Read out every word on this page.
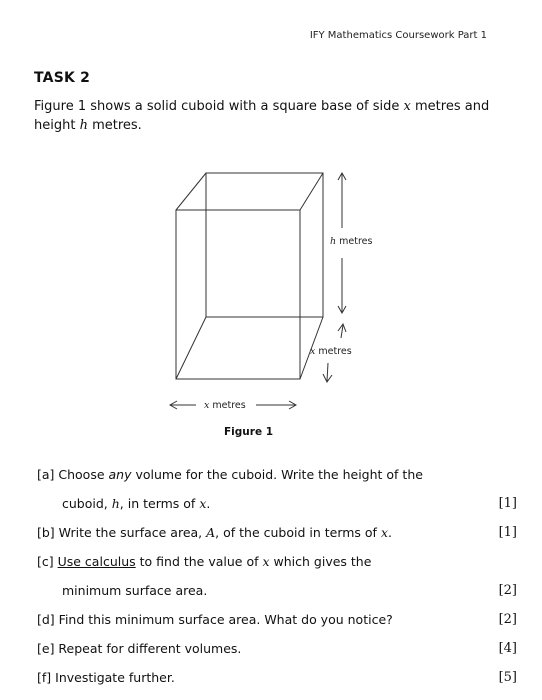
IFY Mathematics Coursework Part 1
TASK 2
Figure 1 shows a solid cuboid with a square base of side x metres and
height h metres.
h metres
x metres
x metres
Figure 1
[a] Choose any volume for the cuboid. Write the height of the
cuboid, h, in terms of x.	[1]
[b] Write the surface area, A, of the cuboid in terms of x.	[1]
[c] Use calculus to find the value of x which gives the
minimum surface area.	[2]
[d] Find this minimum surface area. What do you notice?	[2]
[e] Repeat for different volumes.	[4]
[f] Investigate further.	[5]
